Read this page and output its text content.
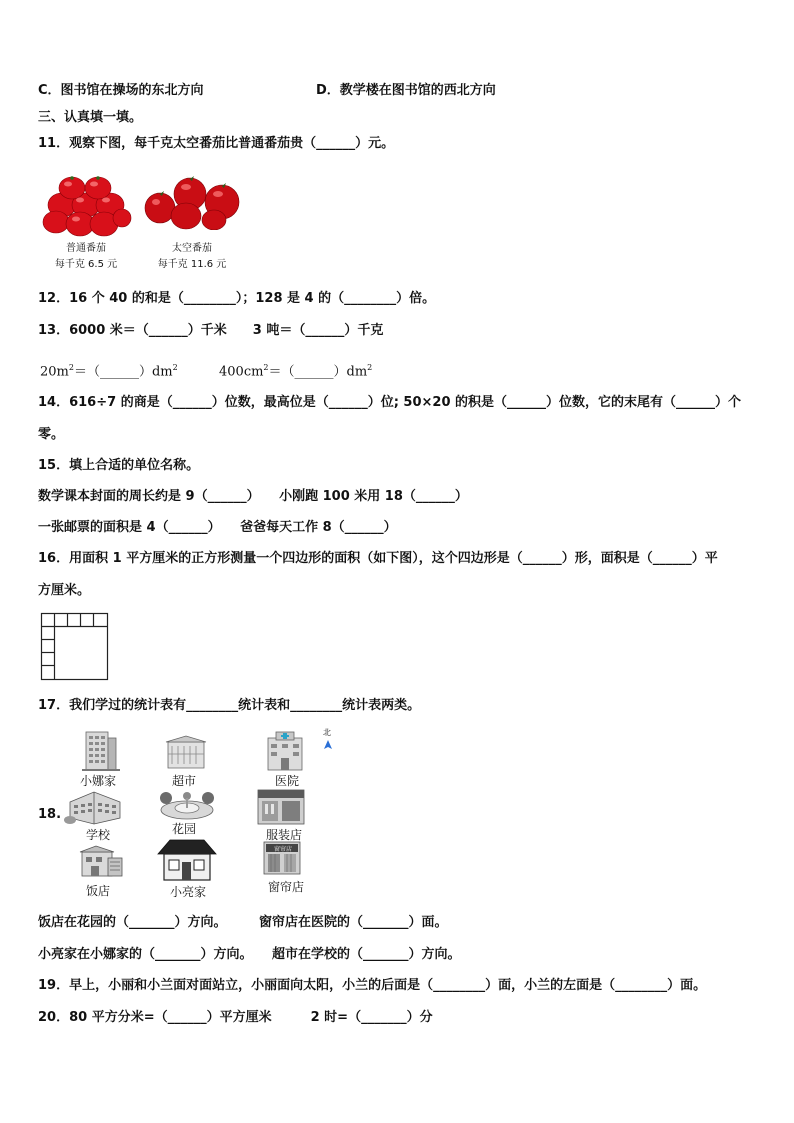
C．图书馆在操场的东北方向	D．教学楼在图书馆的西北方向
三、认真填一填。
11．观察下图，每千克太空番茄比普通番茄贵（______）元。
普通番茄
每千克 6.5 元
太空番茄
每千克 11.6 元
12．16 个 40 的和是（________）；128 是 4 的（________）倍。
13．6000 米＝（______）千米　　3 吨＝（______）千克
$20m^2=(\_\_\_\_\_\_)dm^2$	$400cm^2=(\_\_\_\_\_\_)dm^2$
14．616÷7 的商是（______）位数，最高位是（______）位; 50×20 的积是（______）位数，它的末尾有（______）个
零。
15．填上合适的单位名称。
数学课本封面的周长约是 9（______）　　小刚跑 100 米用 18（______）
一张邮票的面积是 4（______）　　爸爸每天工作 8（______）
16．用面积 1 平方厘米的正方形测量一个四边形的面积（如下图），这个四边形是（______）形，面积是（______）平
方厘米。
17．我们学过的统计表有________统计表和________统计表两类。
18.
北
小娜家	超市	医院
学校	花园	服装店
饭店	小亮家
窗帘店
窗帘店
饭店在花园的（_______）方向。　　　窗帘店在医院的（_______）面。
小亮家在小娜家的（_______）方向。　　超市在学校的（_______）方向。
19．早上，小丽和小兰面对面站立，小丽面向太阳，小兰的后面是（________）面，小兰的左面是（________）面。
20．80 平方分米=（______）平方厘米　　　2 时=（_______）分
